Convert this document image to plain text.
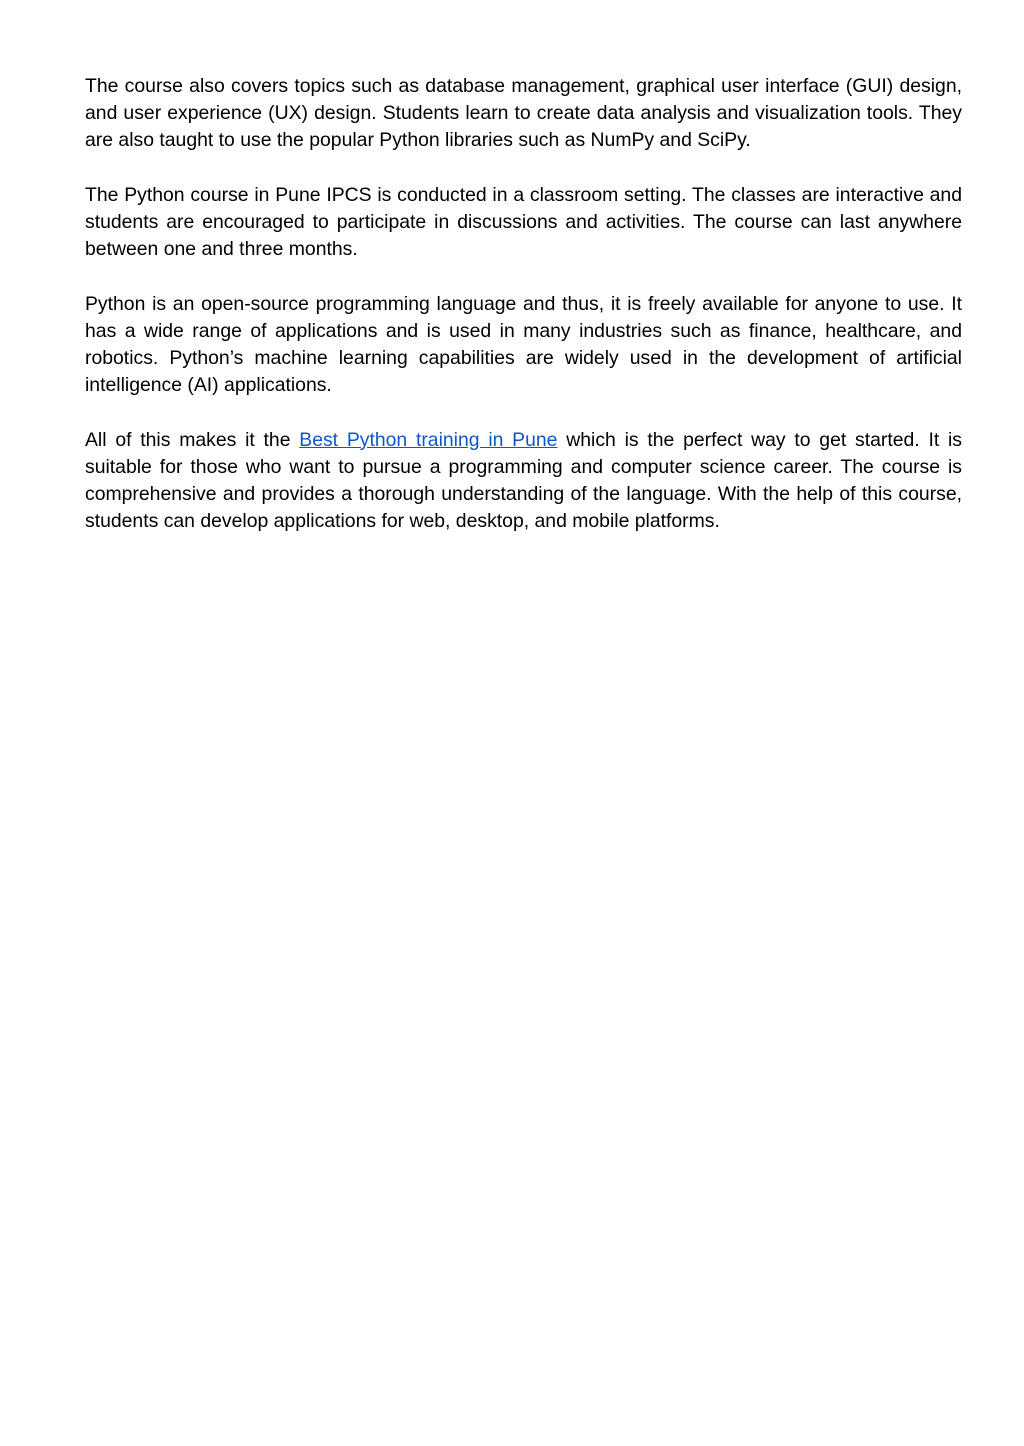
The course also covers topics such as database management, graphical user interface (GUI) design, and user experience (UX) design. Students learn to create data analysis and visualization tools. They are also taught to use the popular Python libraries such as NumPy and SciPy.

The Python course in Pune IPCS is conducted in a classroom setting. The classes are interactive and students are encouraged to participate in discussions and activities. The course can last anywhere between one and three months.

Python is an open-source programming language and thus, it is freely available for anyone to use. It has a wide range of applications and is used in many industries such as finance, healthcare, and robotics. Python’s machine learning capabilities are widely used in the development of artificial intelligence (AI) applications.

All of this makes it the Best Python training in Pune which is the perfect way to get started. It is suitable for those who want to pursue a programming and computer science career. The course is comprehensive and provides a thorough understanding of the language. With the help of this course, students can develop applications for web, desktop, and mobile platforms.
